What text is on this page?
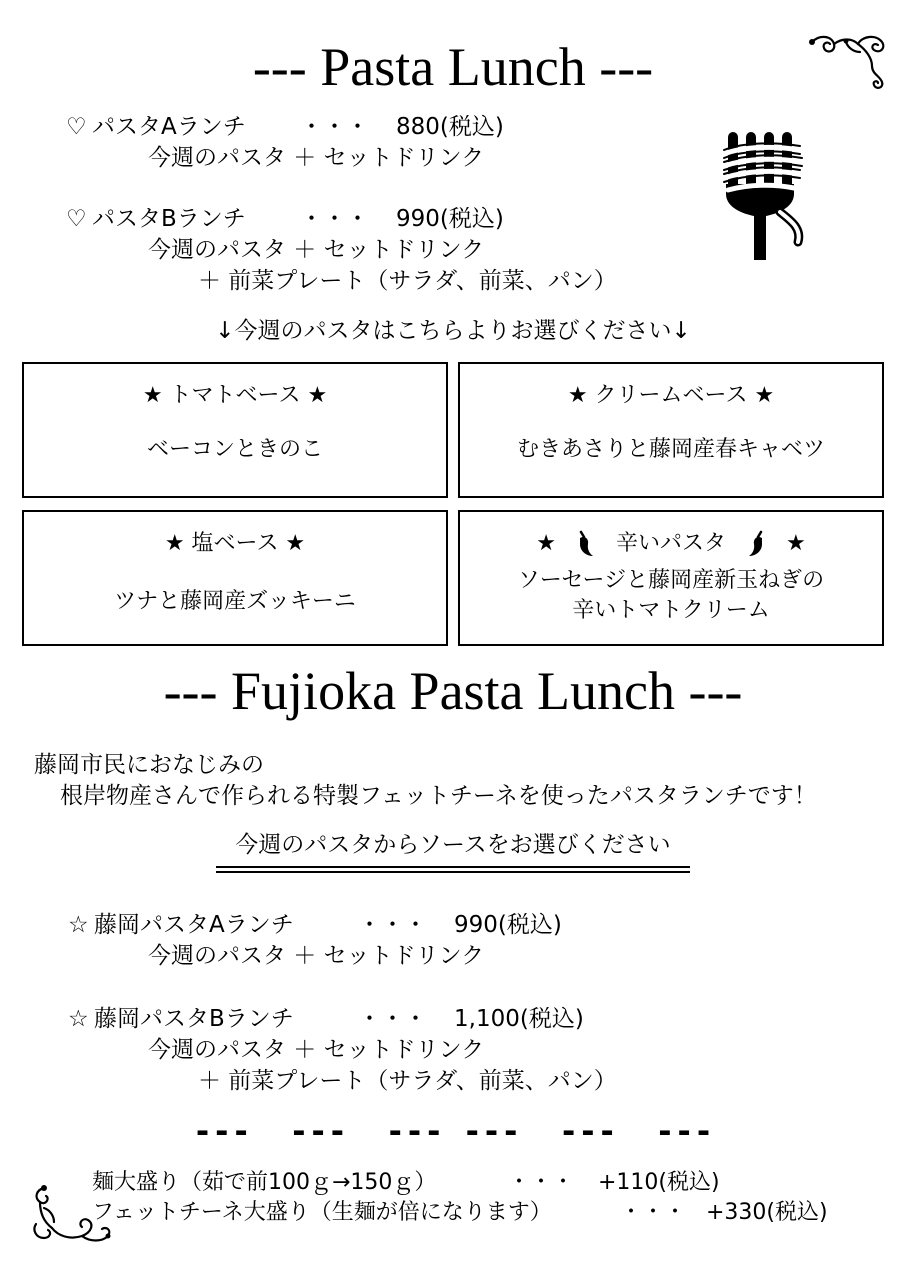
--- Pasta Lunch ---
♡ パスタAランチ ・・・ 880(税込)
今週のパスタ ＋ セットドリンク
♡ パスタBランチ ・・・ 990(税込)
今週のパスタ ＋ セットドリンク
＋ 前菜プレート（サラダ、前菜、パン）
↓今週のパスタはこちらよりお選びください↓
★ トマトベース ★
ベーコンときのこ
★ クリームベース ★
むきあさりと藤岡産春キャベツ
★ 塩ベース ★
ツナと藤岡産ズッキーニ
★	辛いパスタ	★
ソーセージと藤岡産新玉ねぎの
辛いトマトクリーム
--- Fujioka Pasta Lunch ---
藤岡市民におなじみの
根岸物産さんで作られる特製フェットチーネを使ったパスタランチです！
今週のパスタからソースをお選びください
☆ 藤岡パスタAランチ	・・・ 990(税込)
今週のパスタ ＋ セットドリンク
☆ 藤岡パスタBランチ	・・・ 1,100(税込)
今週のパスタ ＋ セットドリンク
＋ 前菜プレート（サラダ、前菜、パン）
---  ---  --- ---  ---  ---
麺大盛り（茹で前100ｇ→150ｇ）	・・・ +110(税込)
フェットチーネ大盛り（生麺が倍になります）	・・・ +330(税込)
